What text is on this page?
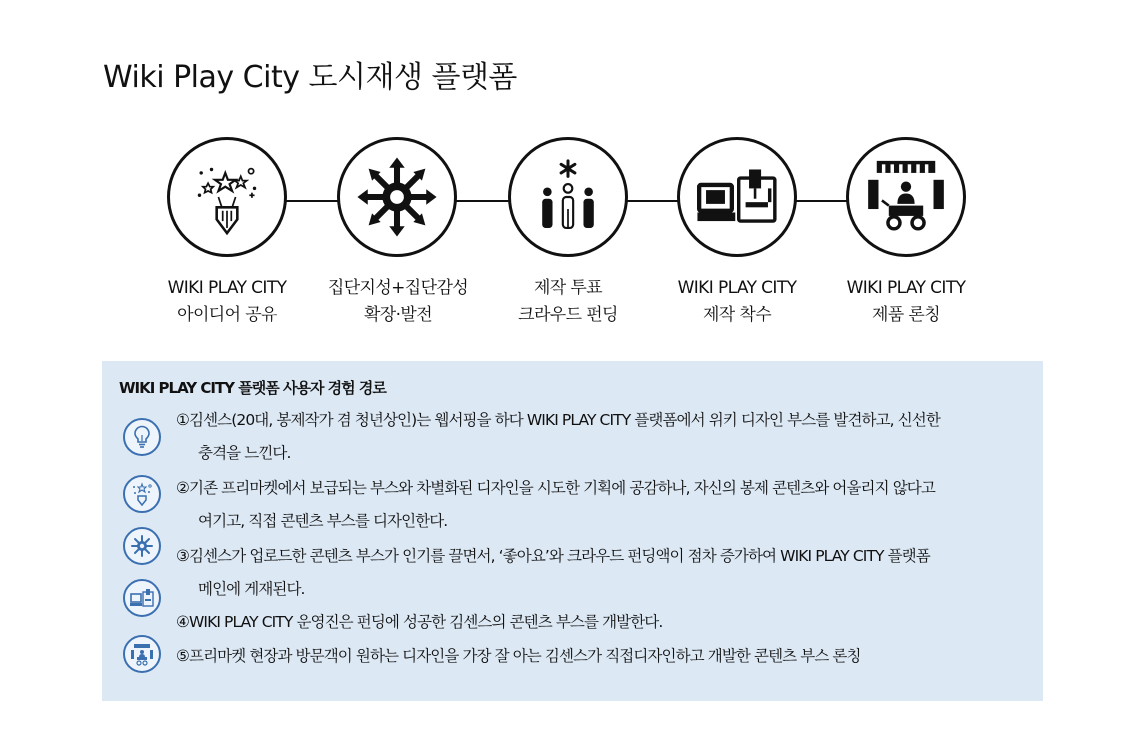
Wiki Play City 도시재생 플랫폼
WIKI PLAY CITY
아이디어 공유
집단지성+집단감성
확장·발전
제작 투표
크라우드 펀딩
WIKI PLAY CITY
제작 착수
WIKI PLAY CITY
제품 론칭
WIKI PLAY CITY 플랫폼 사용자 경험 경로
①김센스(20대, 봉제작가 겸 청년상인)는 웹서핑을 하다 WIKI PLAY CITY 플랫폼에서 위키 디자인 부스를 발견하고, 신선한
충격을 느낀다.
②기존 프리마켓에서 보급되는 부스와 차별화된 디자인을 시도한 기획에 공감하나, 자신의 봉제 콘텐츠와 어울리지 않다고
여기고, 직접 콘텐츠 부스를 디자인한다.
③김센스가 업로드한 콘텐츠 부스가 인기를 끌면서, ‘좋아요’와 크라우드 펀딩액이 점차 증가하여 WIKI PLAY CITY 플랫폼
메인에 게재된다.
④WIKI PLAY CITY 운영진은 펀딩에 성공한 김센스의 콘텐츠 부스를 개발한다.
⑤프리마켓 현장과 방문객이 원하는 디자인을 가장 잘 아는 김센스가 직접디자인하고 개발한 콘텐츠 부스 론칭
